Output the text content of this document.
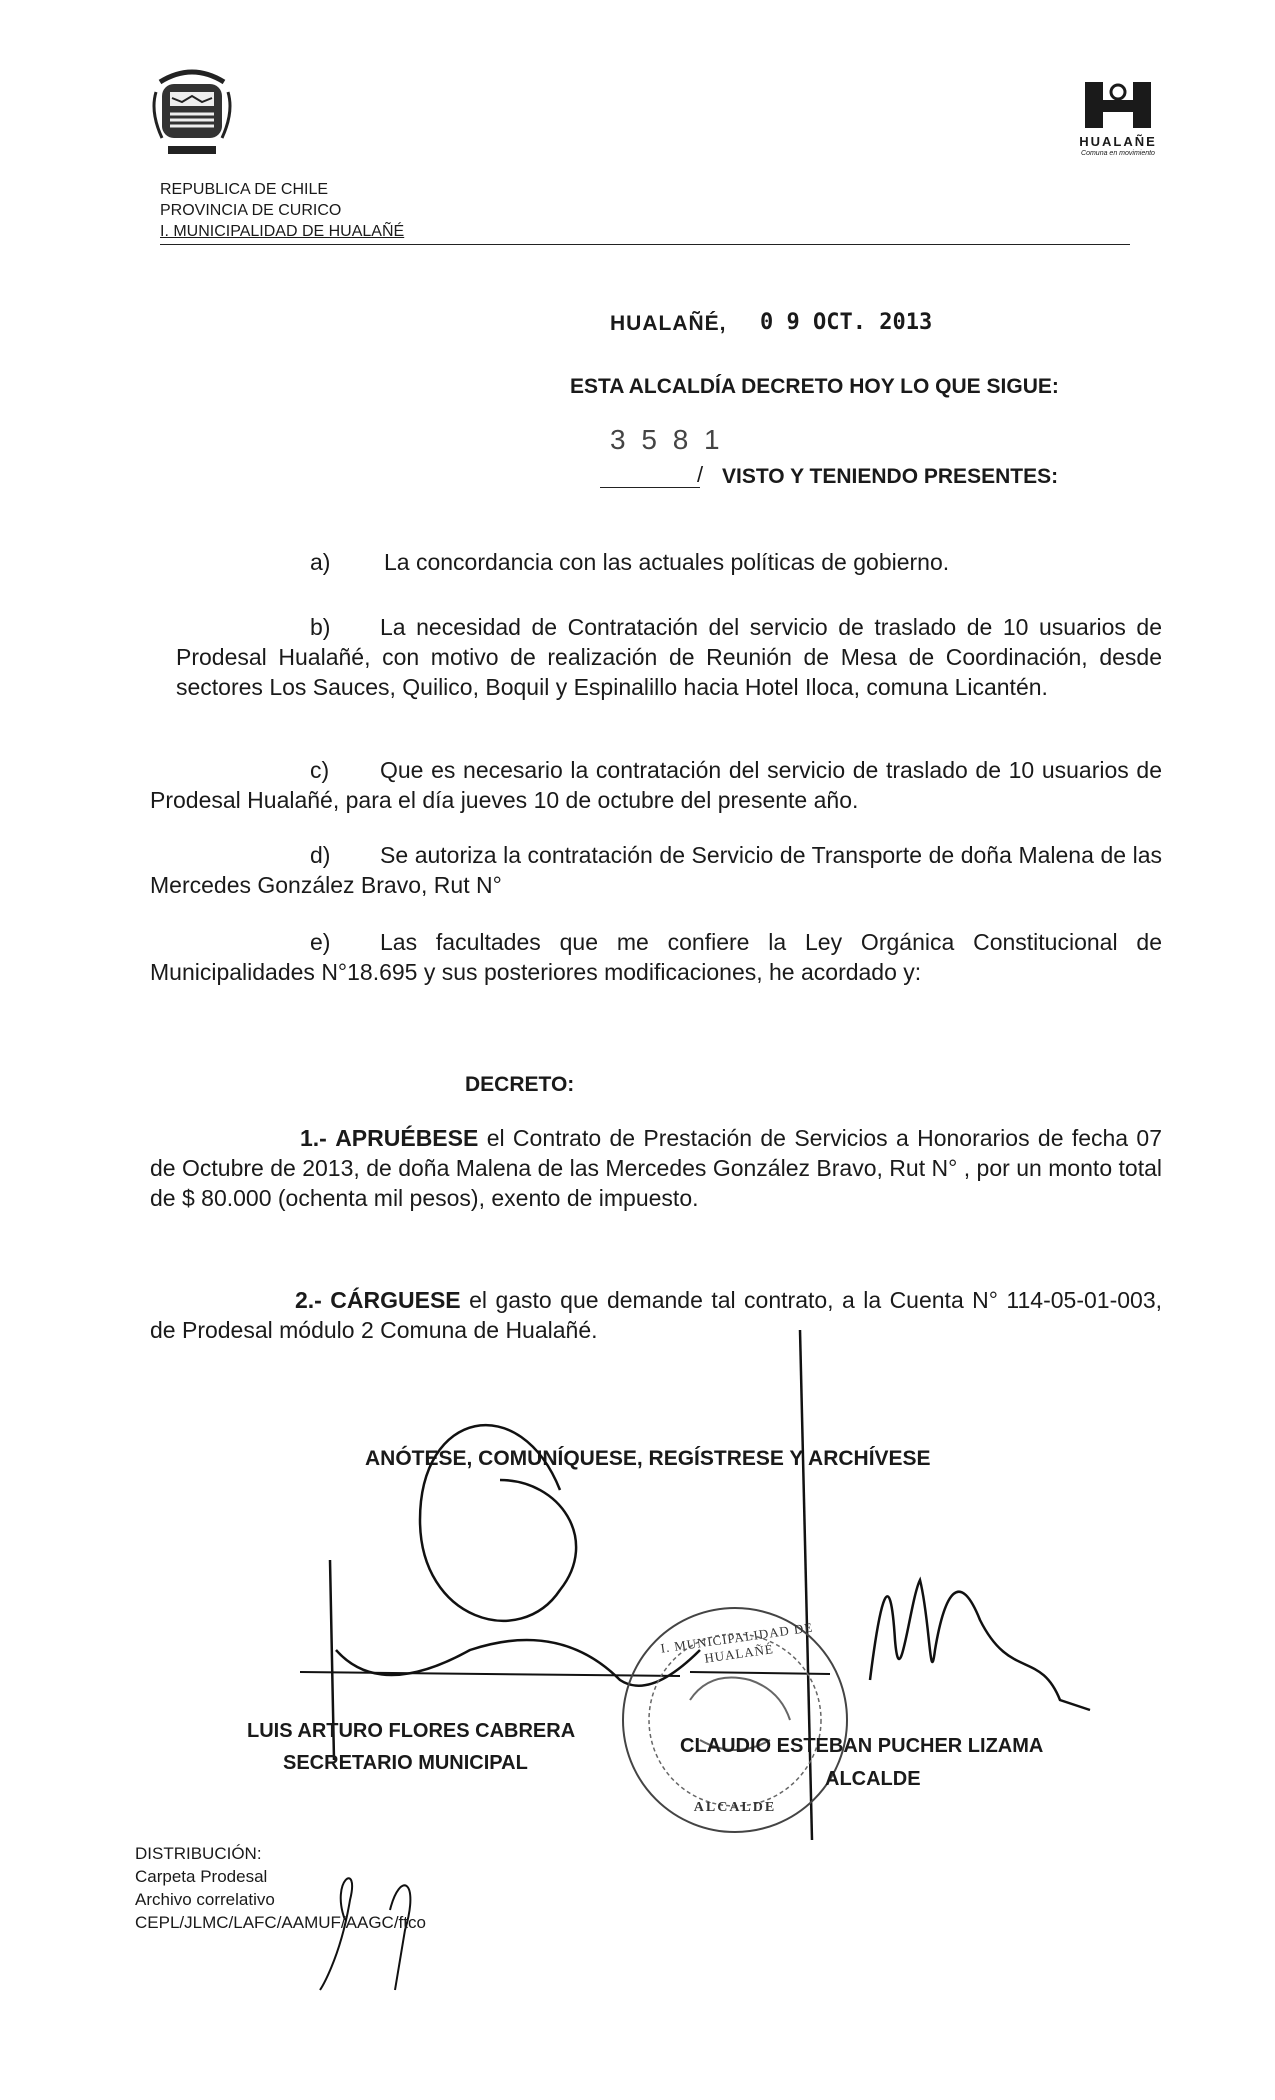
HUALAÑE
Comuna en movimiento
REPUBLICA DE CHILE
PROVINCIA DE CURICO
I. MUNICIPALIDAD DE HUALAÑÉ
HUALAÑÉ, 0 9 OCT. 2013
ESTA ALCALDÍA DECRETO HOY LO QUE SIGUE:
3 5 8 1
/ VISTO Y TENIENDO PRESENTES:
a) La concordancia con las actuales políticas de gobierno.
b) La necesidad de Contratación del servicio de traslado de 10 usuarios de Prodesal Hualañé, con motivo de realización de Reunión de Mesa de Coordinación, desde sectores Los Sauces, Quilico, Boquil y Espinalillo hacia Hotel Iloca, comuna Licantén.
c) Que es necesario la contratación del servicio de traslado de 10 usuarios de Prodesal Hualañé, para el día jueves 10 de octubre del presente año.
d) Se autoriza la contratación de Servicio de Transporte de doña Malena de las Mercedes González Bravo, Rut N°
e) Las facultades que me confiere la Ley Orgánica Constitucional de Municipalidades N°18.695 y sus posteriores modificaciones, he acordado y:
DECRETO:
1.- APRUÉBESE el Contrato de Prestación de Servicios a Honorarios de fecha 07 de Octubre de 2013, de doña Malena de las Mercedes González Bravo, Rut N° , por un monto total de $ 80.000 (ochenta mil pesos), exento de impuesto.
2.- CÁRGUESE el gasto que demande tal contrato, a la Cuenta N° 114-05-01-003, de Prodesal módulo 2 Comuna de Hualañé.
ANÓTESE, COMUNÍQUESE, REGÍSTRESE Y ARCHÍVESE
I. MUNICIPALIDAD DE HUALAÑÉ
ALCALDE
LUIS ARTURO FLORES CABRERA
SECRETARIO MUNICIPAL
CLAUDIO ESTEBAN PUCHER LIZAMA
ALCALDE
DISTRIBUCIÓN:
Carpeta Prodesal
Archivo correlativo
CEPL/JLMC/LAFC/AAMUF/AAGC/ftco
